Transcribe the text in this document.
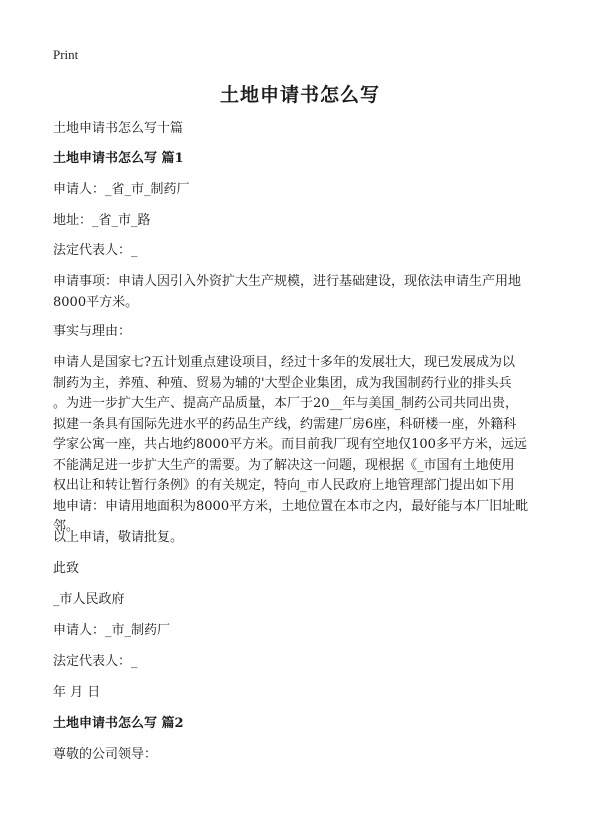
Print
土地申请书怎么写
土地申请书怎么写十篇
土地申请书怎么写 篇1
申请人：_省_市_制药厂
地址：_省_市_路
法定代表人：_
申请事项：申请人因引入外资扩大生产规模，进行基础建设，现依法申请生产用地
8000平方米。
事实与理由：
申请人是国家七?五计划重点建设项目，经过十多年的发展壮大，现已发展成为以
制药为主，养殖、种殖、贸易为辅的'大型企业集团，成为我国制药行业的排头兵
。为进一步扩大生产、提高产品质量，本厂于20__年与美国_制药公司共同出贵，
拟建一条具有国际先进水平的药品生产线，约需建厂房6座，科研楼一座，外籍科
学家公寓一座，共占地约8000平方米。而目前我厂现有空地仅100多平方米，远远
不能满足进一步扩大生产的需要。为了解决这一问题，现根据《_市国有土地使用
权出让和转让暂行条例》的有关规定，特向_市人民政府上地管理部门提出如下用
地申请：申请用地面积为8000平方米，土地位置在本市之内，最好能与本厂旧址毗
邻。
以上申请，敬请批复。
此致
_市人民政府
申请人：_市_制药厂
法定代表人：_
年 月 日
土地申请书怎么写 篇2
尊敬的公司领导：
